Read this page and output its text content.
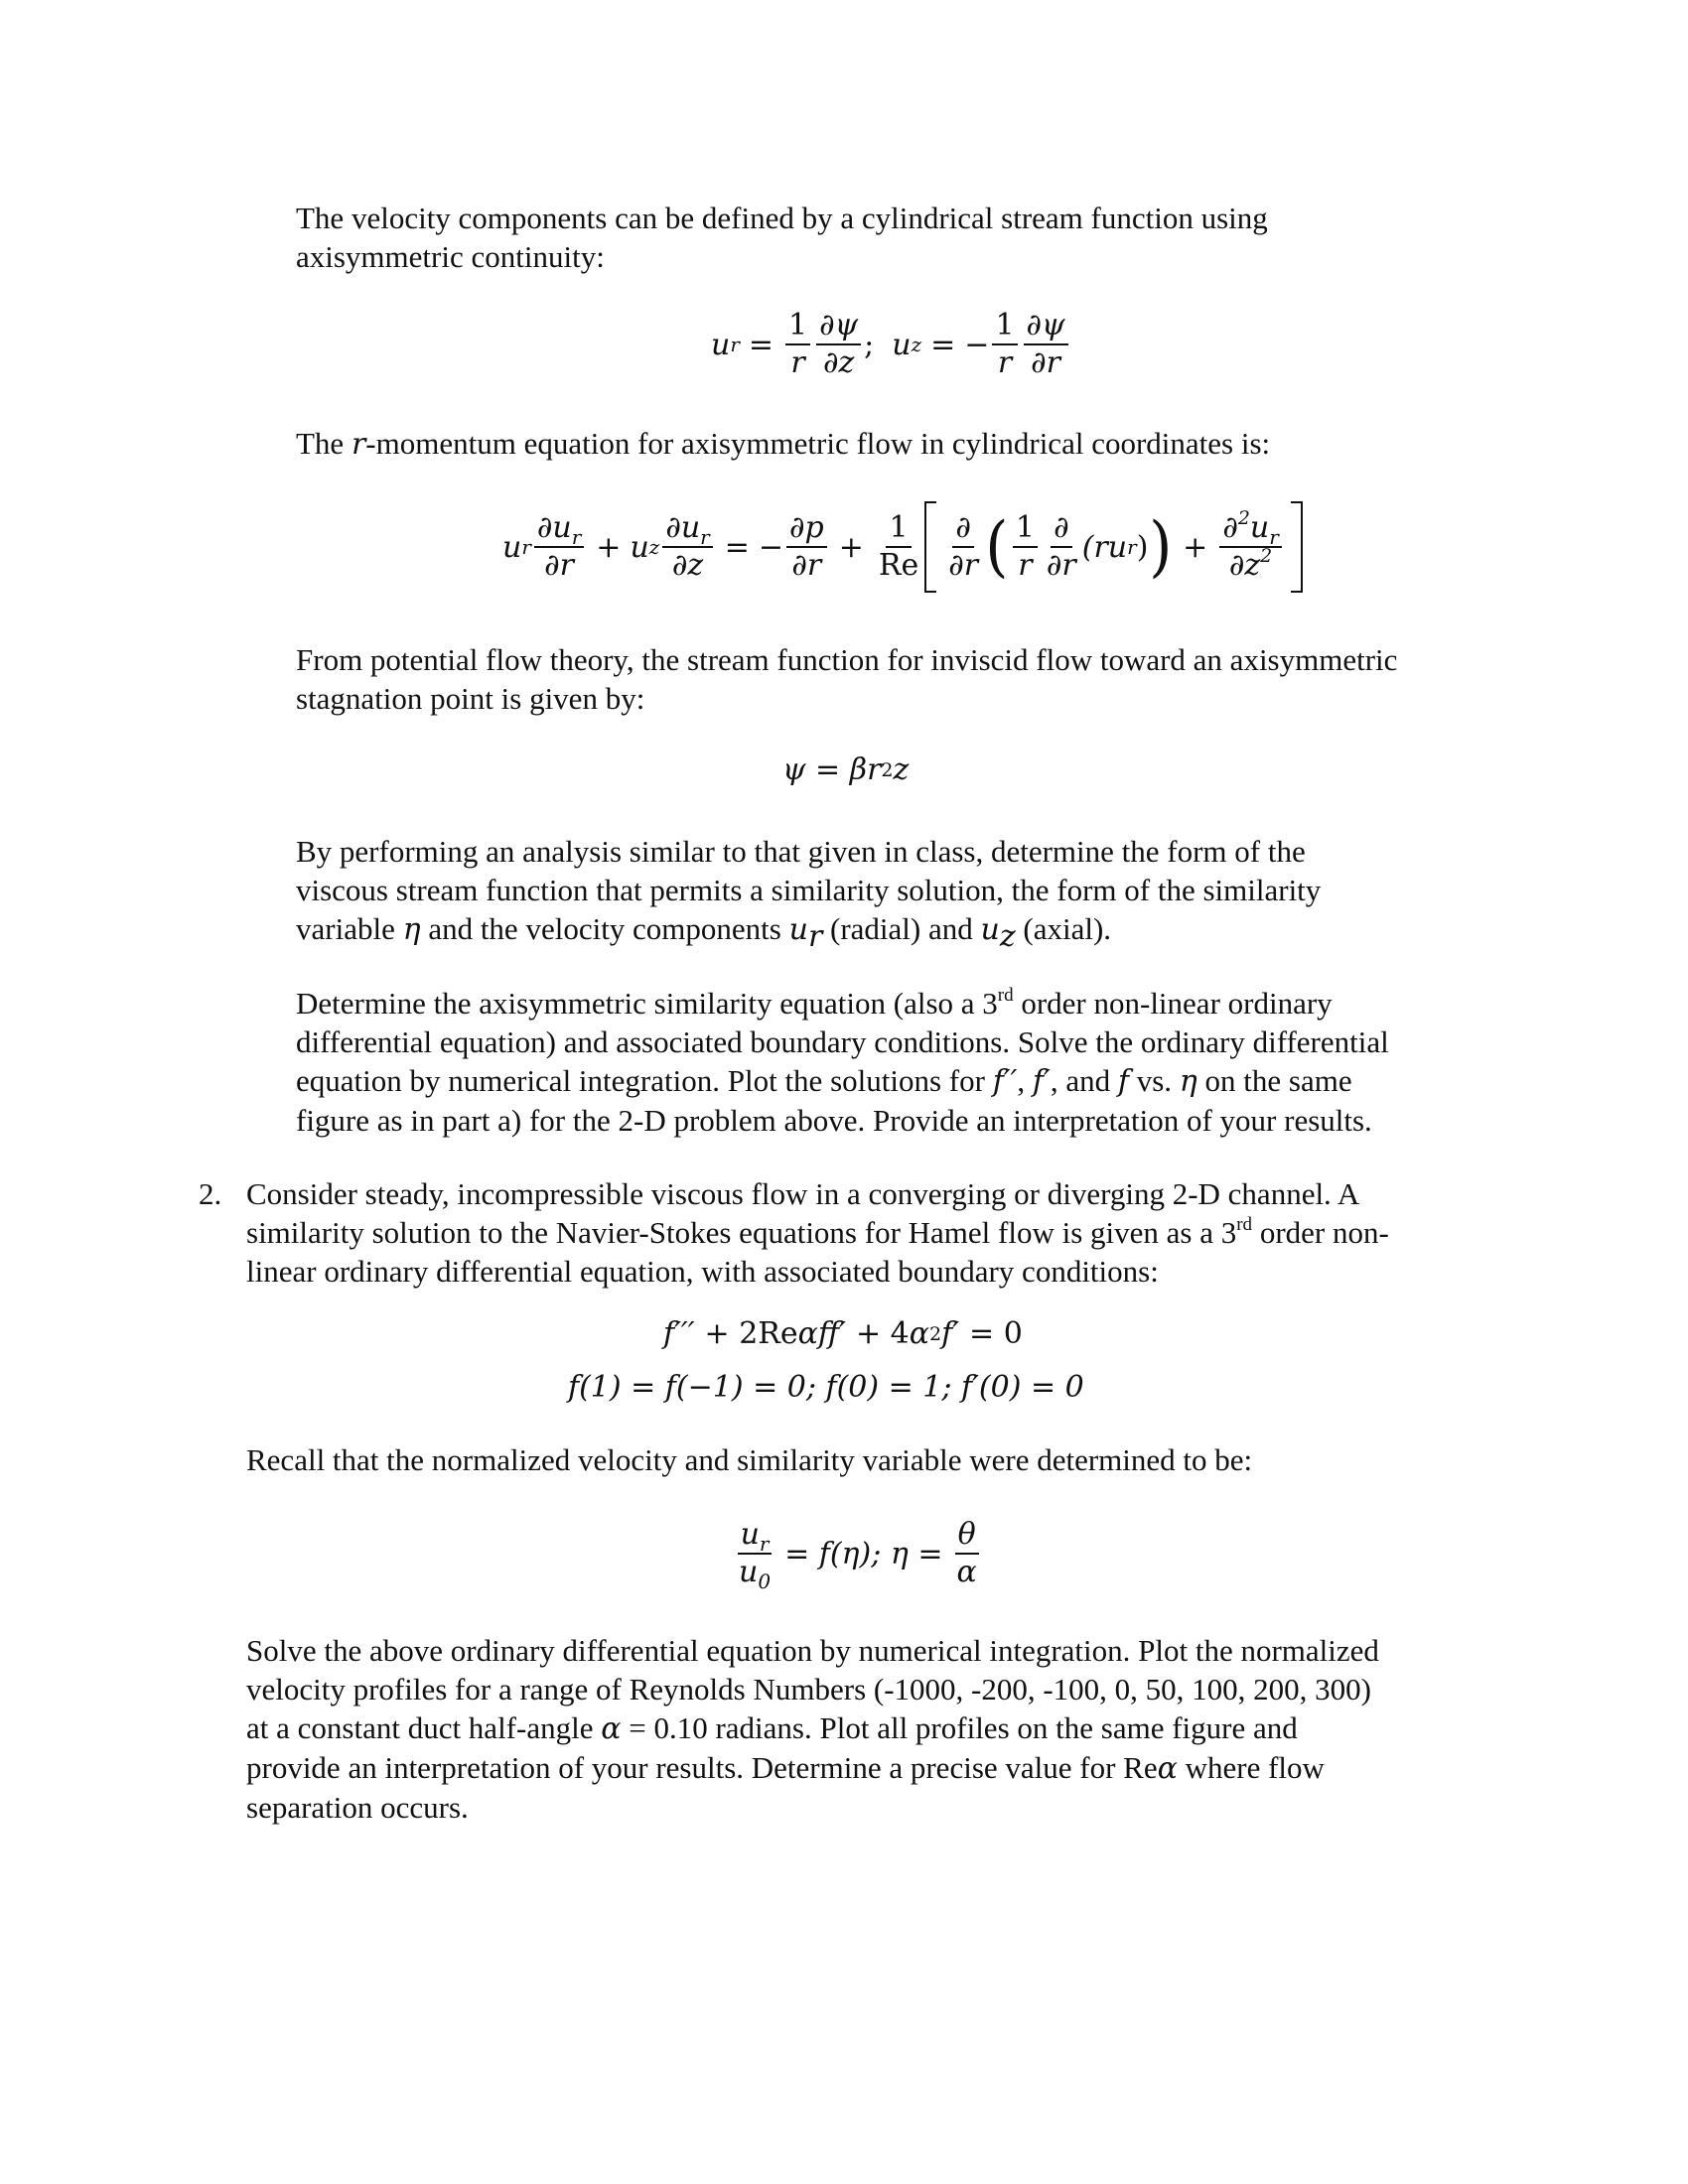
The velocity components can be defined by a cylindrical stream function using

axisymmetric continuity:

u $r = \frac{1}{r} \frac{\partial\psi}{\partial z}$ ; u z = − $\frac{1}{r} \frac{\partial\psi}{\partial r}$

The r-momentum equation for axisymmetric flow in cylindrical coordinates is:

u r $\frac{\partial u_r}{\partial r} + u$ z $\frac{\partial u_r}{\partial z}$ = − $\frac{\partial p}{\partial r} + \frac{1}{Re} \frac{\partial}{\partial r}$ ( $\frac{1}{r} \frac{\partial}{\partial r} (ru$ r ) ) + $\frac{\partial^2u_r}{\partial z^2}$

From potential flow theory, the stream function for inviscid flow toward an axisymmetric

stagnation point is given by:

ψ = βr 2 z

By performing an analysis similar to that given in class, determine the form of the

viscous stream function that permits a similarity solution, the form of the similarity

variable η and the velocity components $u_r$ (radial) and $u_z$ (axial).

Determine the axisymmetric similarity equation (also a 3rd order non-linear ordinary

differential equation) and associated boundary conditions. Solve the ordinary differential

equation by numerical integration. Plot the solutions for f′′, f′, and f vs. η on the same

figure as in part a) for the 2-D problem above. Provide an interpretation of your results.

2. Consider steady, incompressible viscous flow in a converging or diverging 2-D channel. A

similarity solution to the Navier-Stokes equations for Hamel flow is given as a 3rd order non-

linear ordinary differential equation, with associated boundary conditions:

f′′′ + 2Re α ff′ + 4 α 2 f′ = 0
f(1) = f(−1) = 0; f(0) = 1; f′(0) = 0

Recall that the normalized velocity and similarity variable were determined to be:

$\frac{u_r}{u_0} = f(\eta)$; $\eta = \frac{\theta}{\alpha}$

Solve the above ordinary differential equation by numerical integration. Plot the normalized

velocity profiles for a range of Reynolds Numbers (-1000, -200, -100, 0, 50, 100, 200, 300)

at a constant duct half-angle α = 0.10 radians. Plot all profiles on the same figure and

provide an interpretation of your results. Determine a precise value for Reα where flow

separation occurs.
